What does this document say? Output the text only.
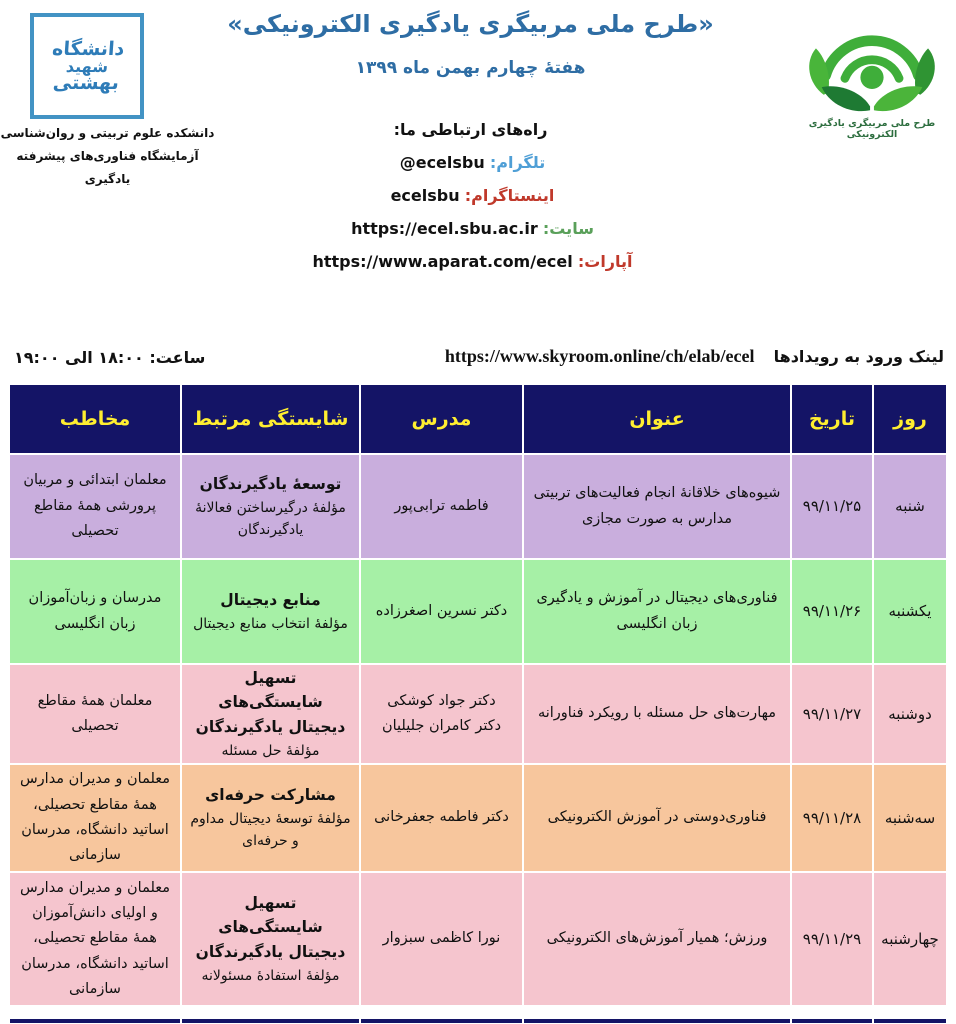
دانشگاه
شهید
بهشتی
دانشکده علوم تربیتی و روان‌شناسی
آزمایشگاه فناوری‌های پیشرفته یادگیری
«طرح ملی مربیگری یادگیری الکترونیکی»
هفتهٔ چهارم بهمن ماه ۱۳۹۹
راه‌های ارتباطی ما:
تلگرام: @ecelsbu
اینستاگرام: ecelsbu
سایت: https://ecel.sbu.ac.ir
آپارات: https://www.aparat.com/ecel
طرح ملی مربیگری یادگیری الکترونیکی
ساعت: ۱۸:۰۰ الی ۱۹:۰۰	لینک ورود به رویدادها https://www.skyroom.online/ch/elab/ecel
روز
تاریخ
عنوان
مدرس
شایستگی مرتبط
مخاطب
شنبه
۹۹/۱۱/۲۵
شیوه‌های خلاقانهٔ انجام فعالیت‌های تربیتی مدارس به صورت مجازی
فاطمه ترابی‌پور
توسعهٔ یادگیرندگان
مؤلفهٔ درگیرساختن فعالانهٔ یادگیرندگان
معلمان ابتدائی و مربیان پرورشی همهٔ مقاطع تحصیلی
یکشنبه
۹۹/۱۱/۲۶
فناوری‌های دیجیتال در آموزش و یادگیری زبان انگلیسی
دکتر نسرین اصغرزاده
منابع دیجیتال
مؤلفهٔ انتخاب منابع دیجیتال
مدرسان و زبان‌آموزان زبان انگلیسی
دوشنبه
۹۹/۱۱/۲۷
مهارت‌های حل مسئله با رویکرد فناورانه
دکتر جواد کوشکی
دکتر کامران جلیلیان
تسهیل شایستگی‌های دیجیتال یادگیرندگان
مؤلفهٔ حل مسئله
معلمان همهٔ مقاطع تحصیلی
سه‌شنبه
۹۹/۱۱/۲۸
فناوری‌دوستی در آموزش الکترونیکی
دکتر فاطمه جعفرخانی
مشارکت حرفه‌ای
مؤلفهٔ توسعهٔ دیجیتال مداوم و حرفه‌ای
معلمان و مدیران مدارس همهٔ مقاطع تحصیلی، اساتید دانشگاه، مدرسان سازمانی
چهارشنبه
۹۹/۱۱/۲۹
ورزش؛ همیار آموزش‌های الکترونیکی
نورا کاظمی سبزوار
تسهیل شایستگی‌های دیجیتال یادگیرندگان
مؤلفهٔ استفادهٔ مسئولانه
معلمان و مدیران مدارس و اولیای دانش‌آموزان همهٔ مقاطع تحصیلی، اساتید دانشگاه، مدرسان سازمانی
